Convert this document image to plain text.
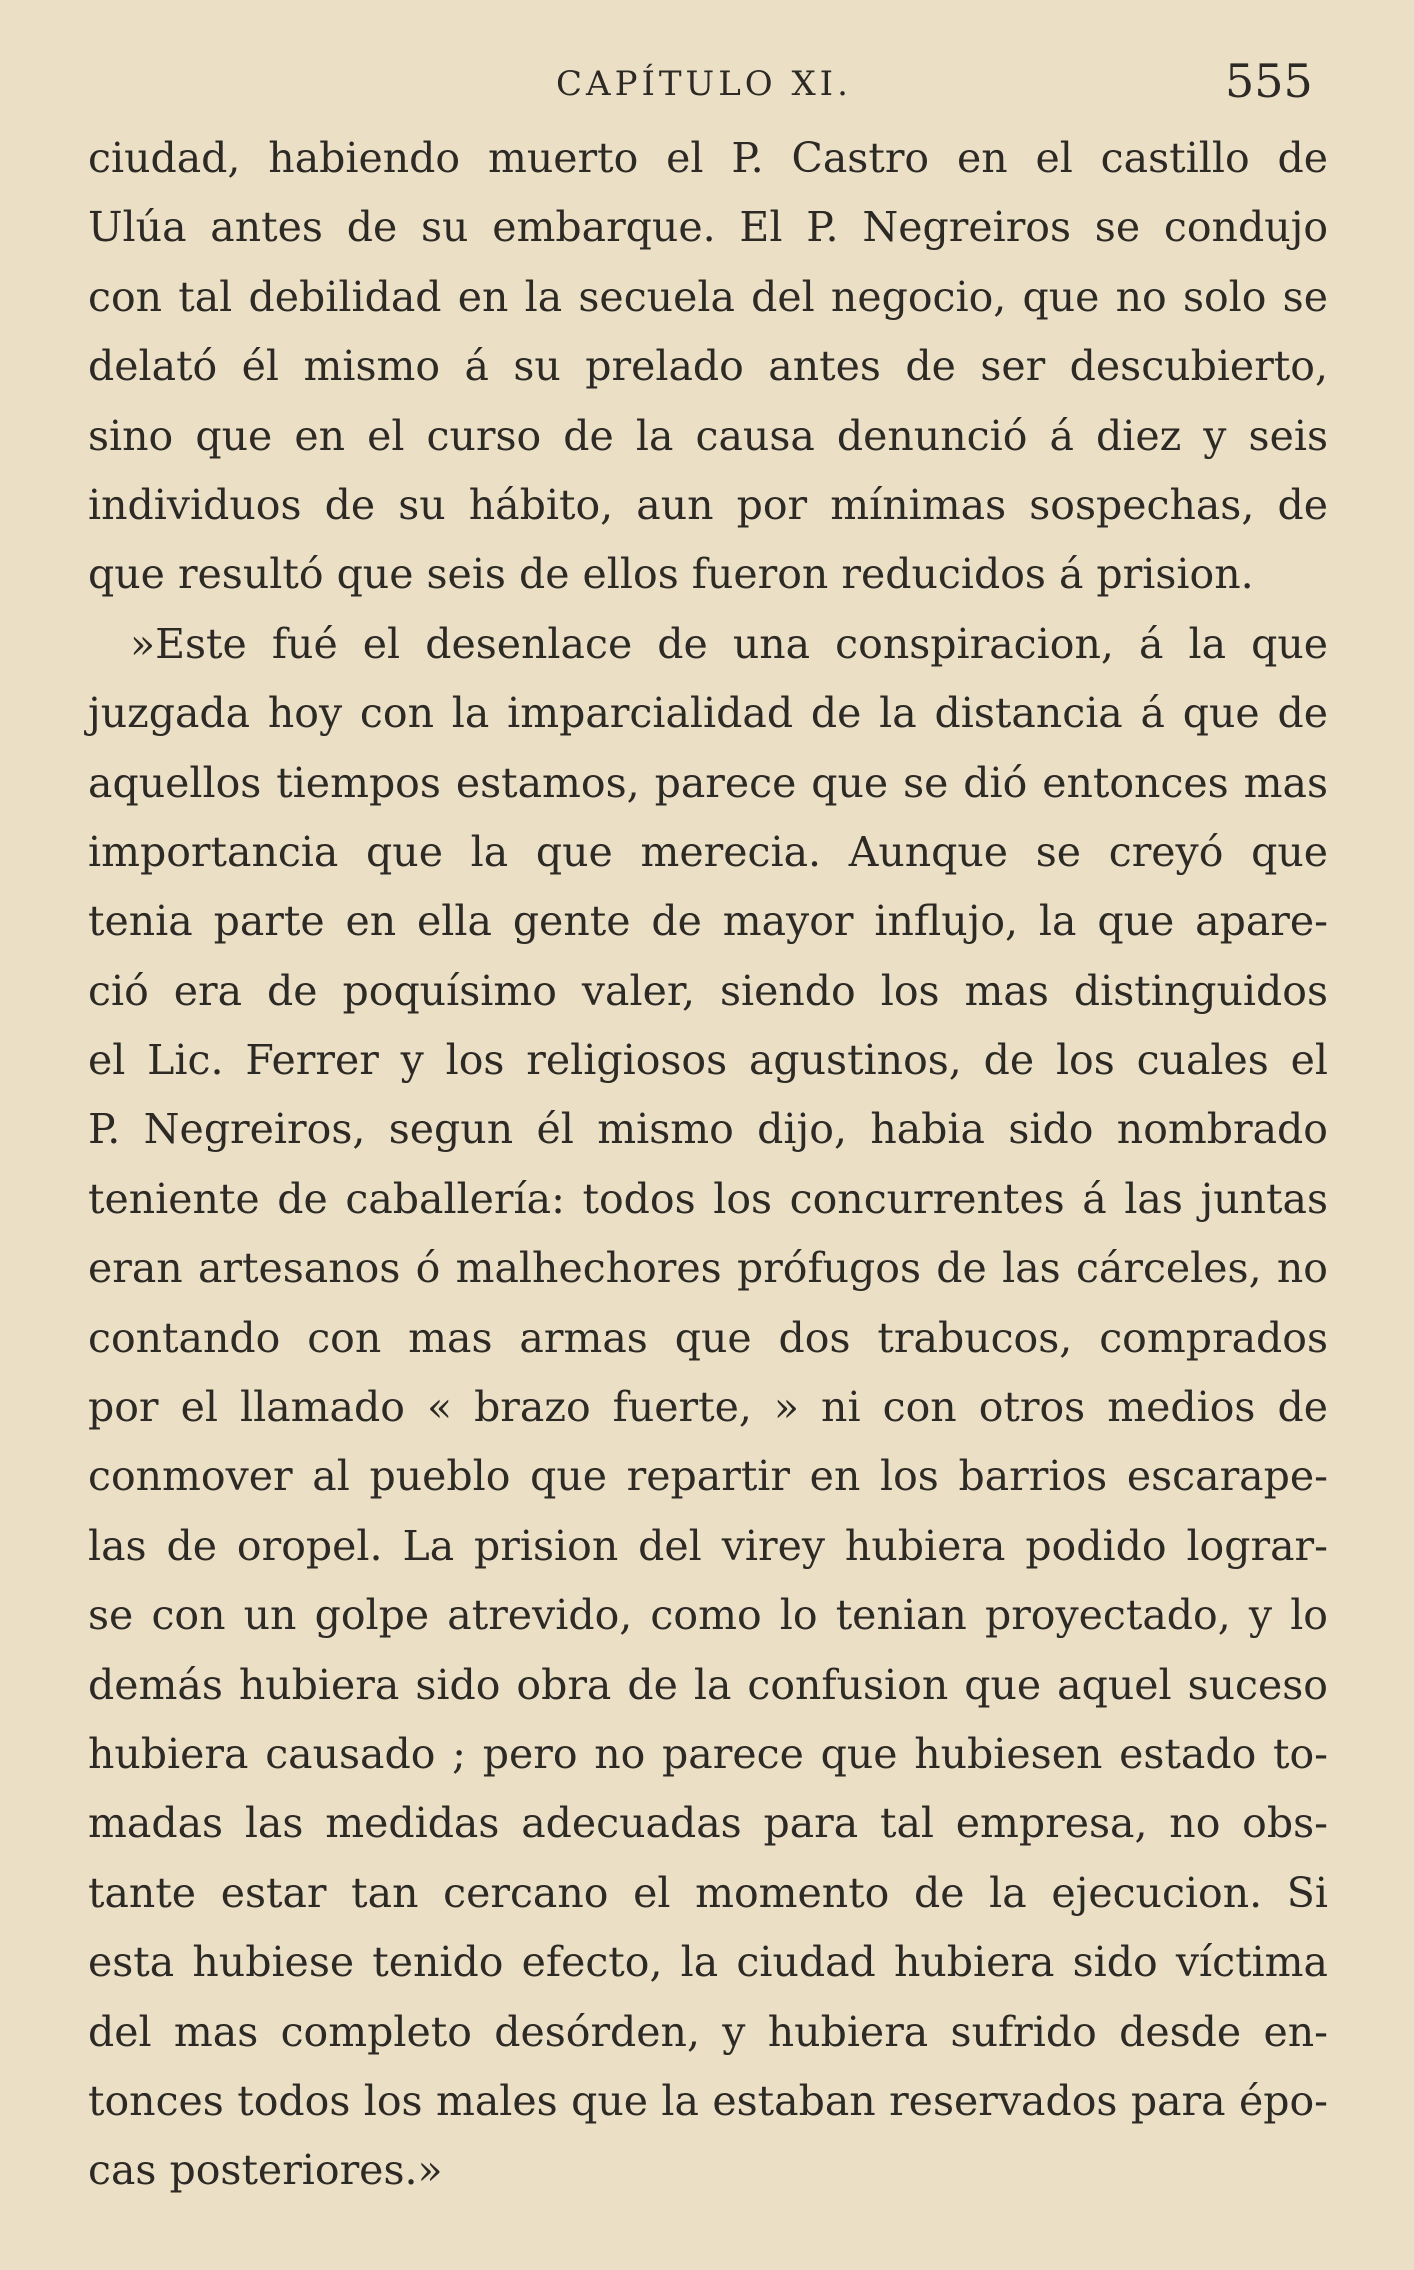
CAPÍTULO XI.	555
ciudad, habiendo muerto el P. Castro en el castillo de
Ulúa antes de su embarque. El P. Negreiros se condujo
con tal debilidad en la secuela del negocio, que no solo se
delató él mismo á su prelado antes de ser descubierto,
sino que en el curso de la causa denunció á diez y seis
individuos de su hábito, aun por mínimas sospechas, de
que resultó que seis de ellos fueron reducidos á prision.
»Este fué el desenlace de una conspiracion, á la que
juzgada hoy con la imparcialidad de la distancia á que de
aquellos tiempos estamos, parece que se dió entonces mas
importancia que la que merecia. Aunque se creyó que
tenia parte en ella gente de mayor influjo, la que apare-
ció era de poquísimo valer, siendo los mas distinguidos
el Lic. Ferrer y los religiosos agustinos, de los cuales el
P. Negreiros, segun él mismo dijo, habia sido nombrado
teniente de caballería: todos los concurrentes á las juntas
eran artesanos ó malhechores prófugos de las cárceles, no
contando con mas armas que dos trabucos, comprados
por el llamado « brazo fuerte, » ni con otros medios de
conmover al pueblo que repartir en los barrios escarape-
las de oropel. La prision del virey hubiera podido lograr-
se con un golpe atrevido, como lo tenian proyectado, y lo
demás hubiera sido obra de la confusion que aquel suceso
hubiera causado ; pero no parece que hubiesen estado to-
madas las medidas adecuadas para tal empresa, no obs-
tante estar tan cercano el momento de la ejecucion. Si
esta hubiese tenido efecto, la ciudad hubiera sido víctima
del mas completo desórden, y hubiera sufrido desde en-
tonces todos los males que la estaban reservados para épo-
cas posteriores.»
